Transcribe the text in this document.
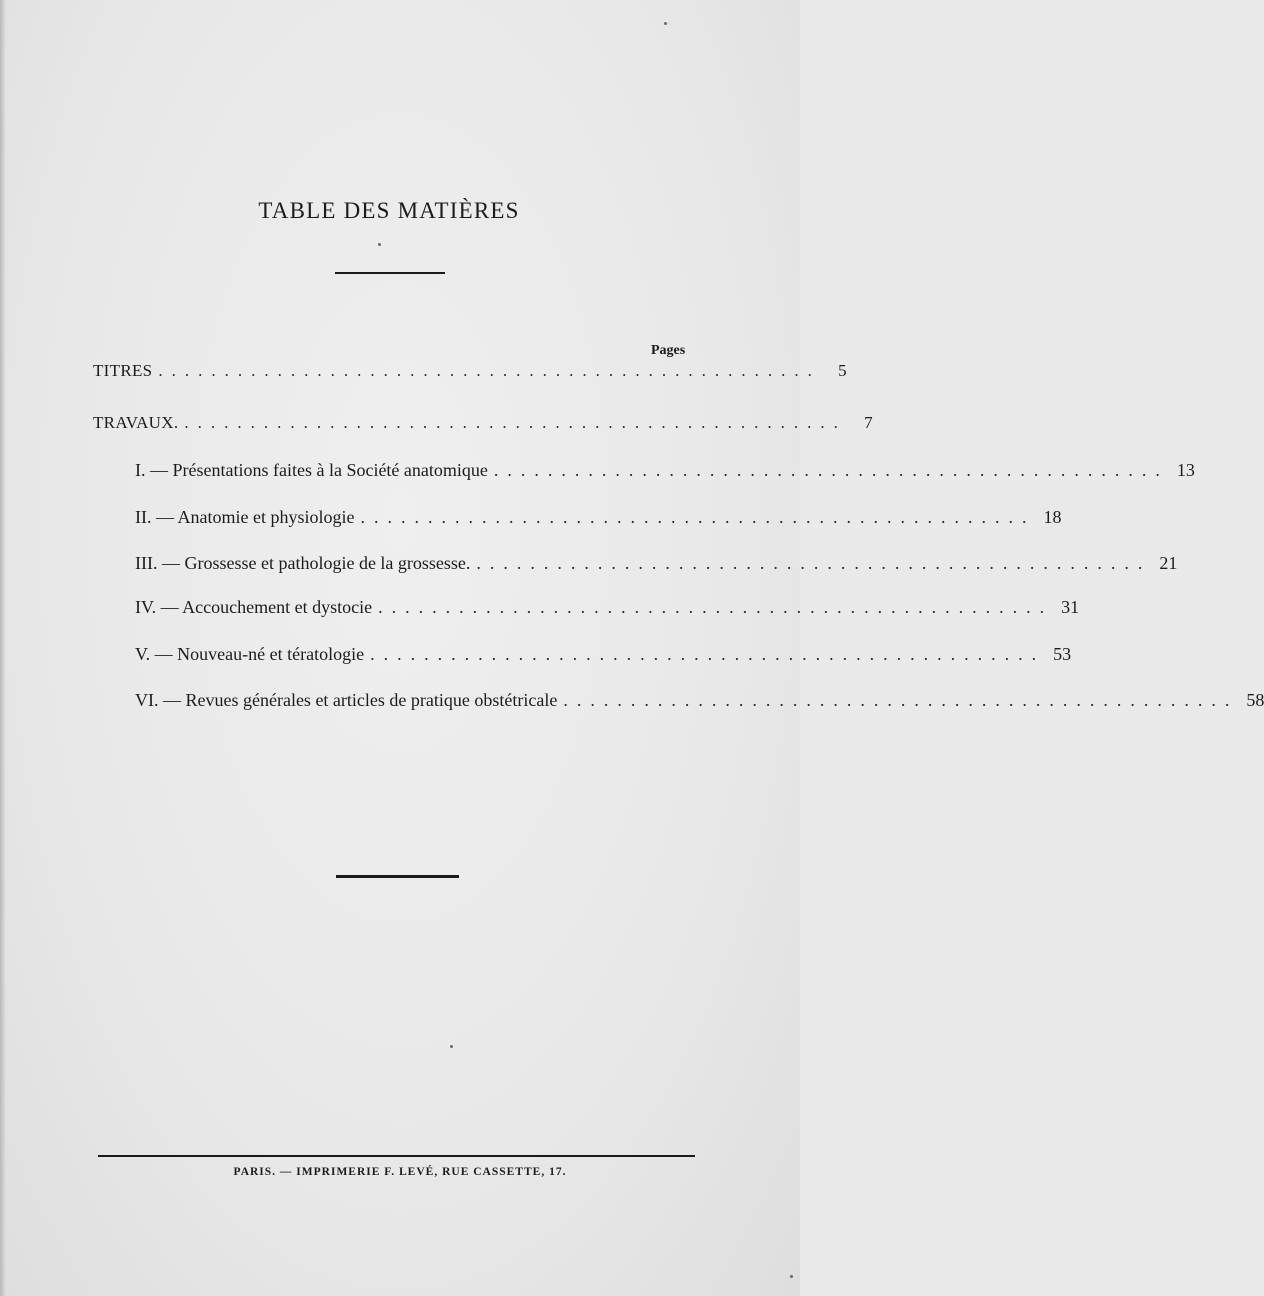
TABLE DES MATIÈRES
Pages
TITRES ..................................................	5
TRAVAUX. ..................................................	7
I. — Présentations faites à la Société anatomique .................................................. 13
II. — Anatomie et physiologie .................................................. 18
III. — Grossesse et pathologie de la grossesse. .................................................. 21
IV. — Accouchement et dystocie .................................................. 31
V. — Nouveau-né et tératologie .................................................. 53
VI. — Revues générales et articles de pratique obstétricale .................................................. 58
PARIS. — IMPRIMERIE F. LEVÉ, RUE CASSETTE, 17.
